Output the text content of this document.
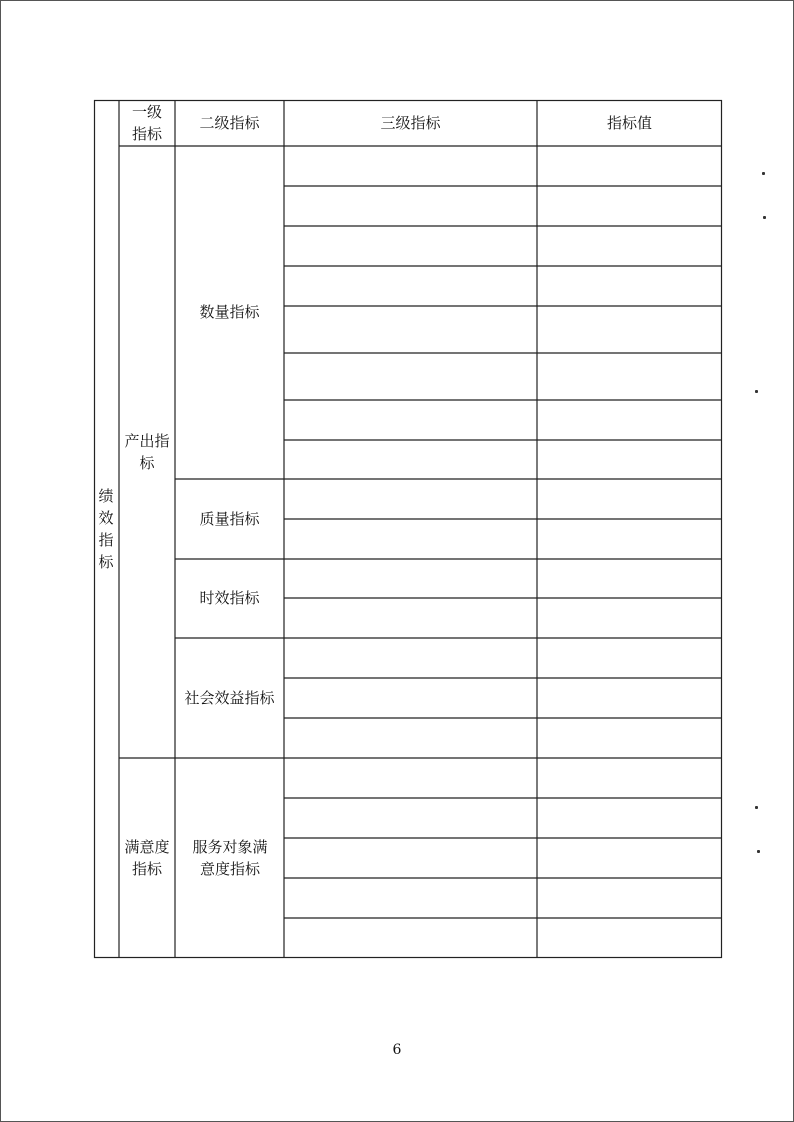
绩效指标
一级指标
二级指标	三级指标	指标值
产出指标
满意度指标
数量指标
质量指标
时效指标
社会效益指标
服务对象满意度指标
6
